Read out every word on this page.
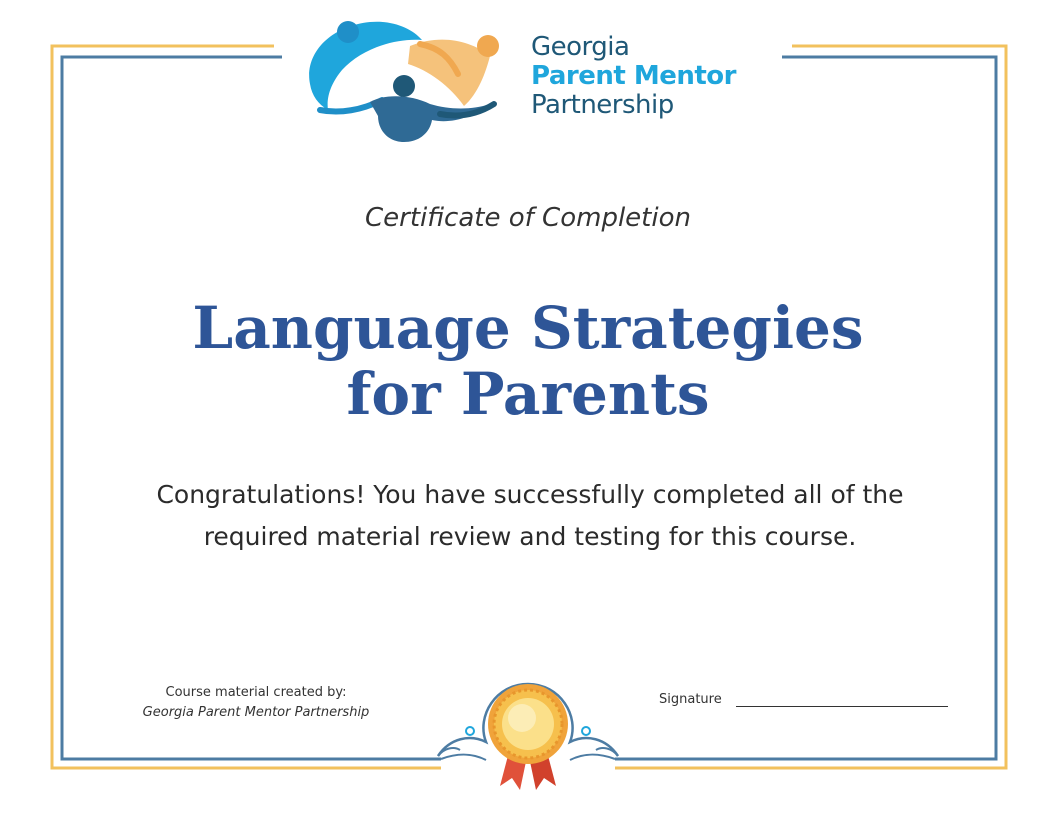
Georgia
Parent Mentor
Partnership
Certificate of Completion
Language Strategies
for Parents
Congratulations! You have successfully completed all of the
required material review and testing for this course.
Course material created by:
Georgia Parent Mentor Partnership
Signature
